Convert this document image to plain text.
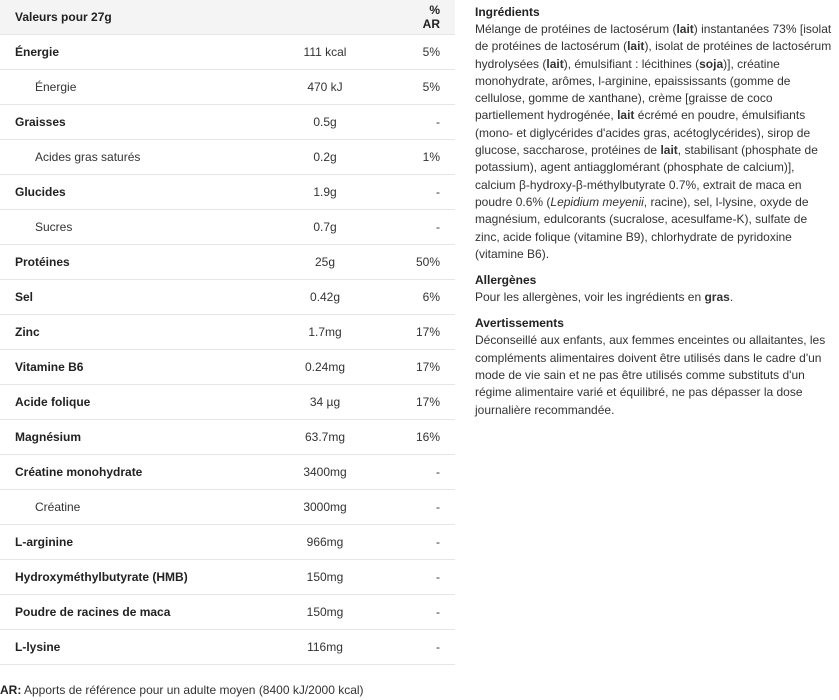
Valeurs pour 27g		% AR
Énergie	111 kcal	5%
Énergie	470 kJ	5%
Graisses	0.5g	-
Acides gras saturés	0.2g	1%
Glucides	1.9g	-
Sucres	0.7g	-
Protéines	25g	50%
Sel	0.42g	6%
Zinc	1.7mg	17%
Vitamine B6	0.24mg	17%
Acide folique	34 µg	17%
Magnésium	63.7mg	16%
Créatine monohydrate	3400mg	-
Créatine	3000mg	-
L-arginine	966mg	-
Hydroxyméthylbutyrate (HMB)	150mg	-
Poudre de racines de maca	150mg	-
L-lysine	116mg	-
AR: Apports de référence pour un adulte moyen (8400 kJ/2000 kcal)
Ingrédients

Mélange de protéines de lactosérum (lait) instantanées 73% [isolat de protéines de lactosérum (lait), isolat de protéines de lactosérum hydrolysées (lait), émulsifiant : lécithines (soja)], créatine monohydrate, arômes, l-arginine, epaississants (gomme de cellulose, gomme de xanthane), crème [graisse de coco partiellement hydrogénée, lait écrémé en poudre, émulsifiants (mono- et diglycérides d'acides gras, acétoglycérides), sirop de glucose, saccharose, protéines de lait, stabilisant (phosphate de potassium), agent antiagglomérant (phosphate de calcium)], calcium β-hydroxy-β-méthylbutyrate 0.7%, extrait de maca en poudre 0.6% (Lepidium meyenii, racine), sel, l-lysine, oxyde de magnésium, edulcorants (sucralose, acesulfame-K), sulfate de zinc, acide folique (vitamine B9), chlorhydrate de pyridoxine (vitamine B6).

Allergènes

Pour les allergènes, voir les ingrédients en gras.

Avertissements

Déconseillé aux enfants, aux femmes enceintes ou allaitantes, les compléments alimentaires doivent être utilisés dans le cadre d'un mode de vie sain et ne pas être utilisés comme substituts d'un régime alimentaire varié et équilibré, ne pas dépasser la dose journalière recommandée.
